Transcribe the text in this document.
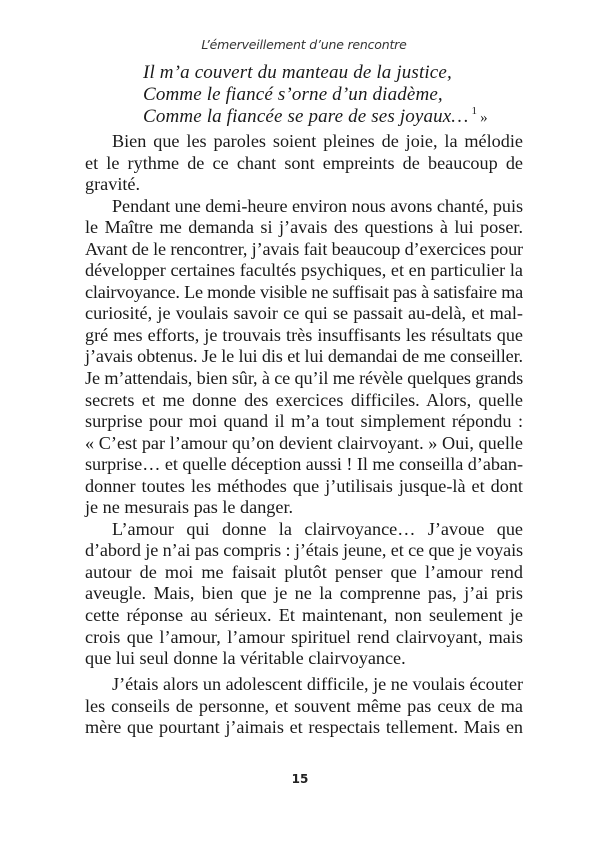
L’émerveillement d’une rencontre
Il m’a couvert du manteau de la justice,
Comme le fiancé s’orne d’un diadème,
Comme la fiancée se pare de ses joyaux… $^1$ »
Bien que les paroles soient pleines de joie, la mélodie
et le rythme de ce chant sont empreints de beaucoup de
gravité.
Pendant une demi-heure environ nous avons chanté, puis
le Maître me demanda si j’avais des questions à lui poser.
Avant de le rencontrer, j’avais fait beaucoup d’exercices pour
développer certaines facultés psychiques, et en particulier la
clairvoyance. Le monde visible ne suffisait pas à satisfaire ma
curiosité, je voulais savoir ce qui se passait au-delà, et mal-
gré mes efforts, je trouvais très insuffisants les résultats que
j’avais obtenus. Je le lui dis et lui demandai de me conseiller.
Je m’attendais, bien sûr, à ce qu’il me révèle quelques grands
secrets et me donne des exercices difficiles. Alors, quelle
surprise pour moi quand il m’a tout simplement répondu :
« C’est par l’amour qu’on devient clairvoyant. » Oui, quelle
surprise… et quelle déception aussi ! Il me conseilla d’aban-
donner toutes les méthodes que j’utilisais jusque-là et dont
je ne mesurais pas le danger.
L’amour qui donne la clairvoyance… J’avoue que
d’abord je n’ai pas compris : j’étais jeune, et ce que je voyais
autour de moi me faisait plutôt penser que l’amour rend
aveugle. Mais, bien que je ne la comprenne pas, j’ai pris
cette réponse au sérieux. Et maintenant, non seulement je
crois que l’amour, l’amour spirituel rend clairvoyant, mais
que lui seul donne la véritable clairvoyance.
J’étais alors un adolescent difficile, je ne voulais écouter
les conseils de personne, et souvent même pas ceux de ma
mère que pourtant j’aimais et respectais tellement. Mais en
15
